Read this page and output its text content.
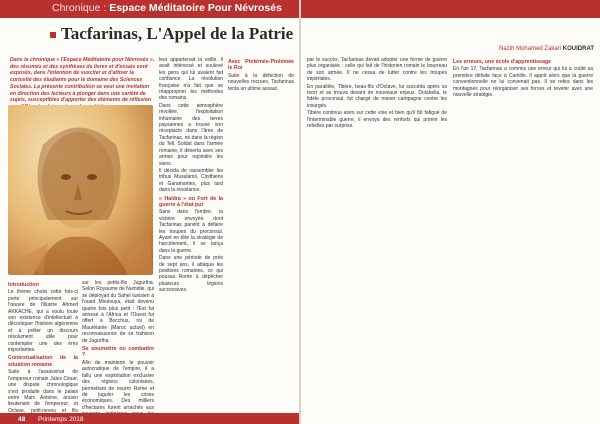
Chronique : Espace Méditatoire Pour Névrosés
Tacfarinas, L'Appel de la Patrie
Dans la chronique « l'Espace Méditatoire pour Névrosés », des résumés et des synthèses de livres et d'essais sont exposés, dans l'intention de susciter et d'attiser la curiosité des étudiants pour le domaine des Sciences Sociales. La présente contribution se veut une invitation en direction des lecteurs à plonger dans une variété de sujets, susceptibles d'apporter des éléments de réflexion
Introduction

Le thème choisi cette fois-ci porte principalement sur l'œuvre de l'illustre Ahmed AKKACHE, qui a voulu toute son existence d'intellectuel à décortiquer l'histoire algérienne et à prêter un discours résolument utile pour contempler une des ères importantes.

Contextualisation de la situation romaine

Suite à l'assassinat de l'empereur romain Jules César, une dispute chronologique s'est produite dans le palais entre Marc Antoine, ancien lieutenant de l'empereur, et Octave, petit-neveu et fils

sur les petits-fils Jugurtha. Selon Royaume de Numidie, qui se déployait du Sahel tunisien à l'oued Moulouya, était devenu quatre fois plus petit : l'Est fut annexé à l'Africa et l'Ouest fut offert à Bocchus, roi de Maurétanie (Maroc actuel) en reconnaissance de sa trahison de Jugurtha.

Se soumettre ou combattre ?

Afin de maintenir le pouvoir autocratique de l'empire, il a fallu une exploitation exclusive des régions colonisées, permettant de nourrir Rome et de juguler les crises économiques. Des milliers d'hectares furent arrachés aux

leur appartenait la veille. Il avait intéressé et soulevé les gens qui lui avaient fait confiance. La révolution française n'a fait que se réapproprier les méthodes des romains.

Dans cette atmosphère révoltée, l'exploitation inhumaine des terres paysannes a trouvé son réceptacle dans l'âme de Tacfarinas, né dans la région du Tell. Soldat dans l'armée romaine, il déserta avec ses armes pour rejoindre les siens.

Il décida de rassembler les tribus Musulamii, Cinithiens et Garamantes, plus tard dans la résistance.

« Haïdra » ou Fort de la guerre à l'état pur

Sans dans l'ombre, la victoire envoyée dont Tacfarinas parvint à défaire les troupes du proconsul. Ayant en tête la stratégie de harcèlement, il se lança dans la guerre.

Dans une période de près de sept ans, il attaqua les positions romaines, ce qui poussa Rome à dépêcher plusieurs légions successives.

Avec Ptolémée-Ptolémée le Roi

Suite à la défection de nouvelles recrues, Tacfarinas tenta un ultime assaut.

48 Printemps 2018
Nazih Mohamed Zakari KOUIDRAT

par le succès, Tacfarinas devait adopter une forme de guerre plus organisée : celle qui fait de l'historien romain le bourreau de son armée. Il ne cessa de lutter contre les troupes impériales.

En parallèle, Tibère, beau-fils d'Octave, lui succéda après sa mort et se trouva devant de nouveaux enjeux. Dolabella, le fidèle proconsul, fut chargé de mener campagne contre les insurgés.

Tibère continua alors sur cette voie et bien qu'il fût fatigué de l'interminable guerre, il envoya des renforts qui prirent les rebelles par surprise.

Les erreurs, une école d'apprentissage

En l'an 17, Tacfarinas a commis une erreur qui lui a coûté sa première défaite face à Camille. Il apprit alors que la guerre conventionnelle ne lui convenait pas. Il se retira dans les montagnes pour réorganiser ses forces et revenir avec une nouvelle stratégie.
